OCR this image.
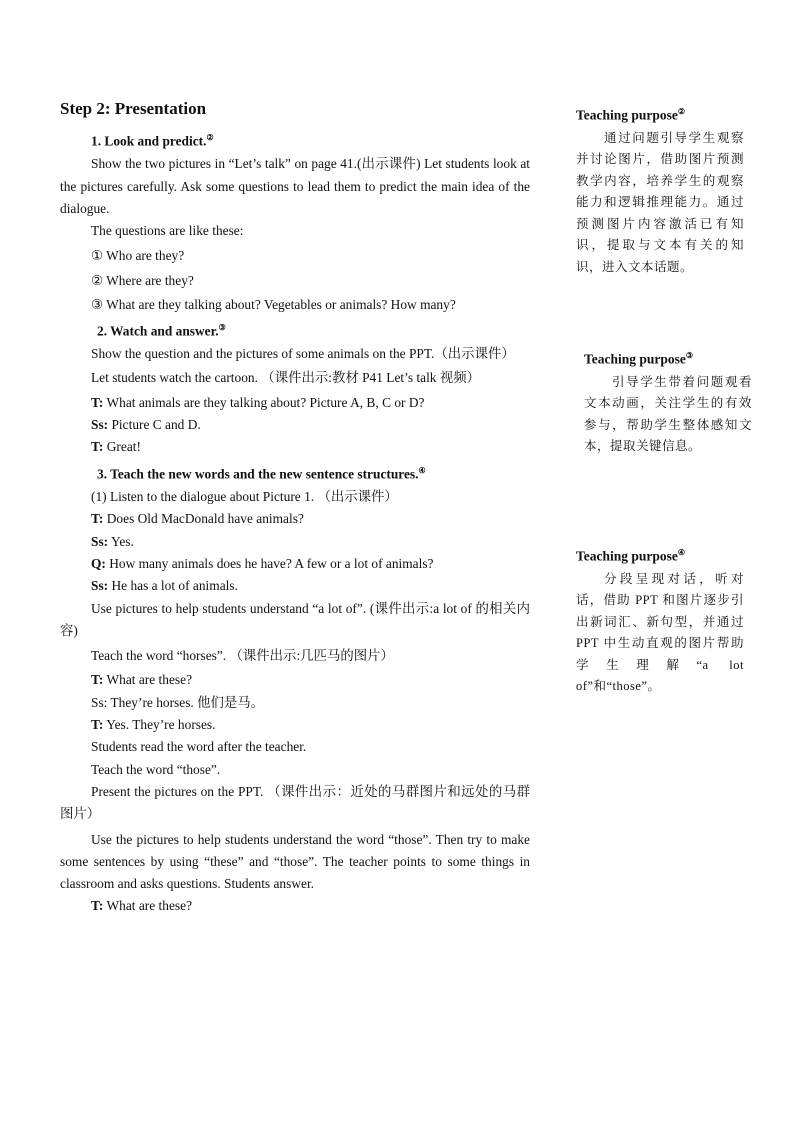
Step 2: Presentation
1. Look and predict.②

Show the two pictures in “Let’s talk” on page 41.(出示课件) Let students look at the pictures carefully. Ask some questions to lead them to predict the main idea of the dialogue.

The questions are like these:

① Who are they?

② Where are they?

③ What are they talking about? Vegetables or animals? How many?

2. Watch and answer.③

Show the question and the pictures of some animals on the PPT.（出示课件）

Let students watch the cartoon. （课件出示:教材 P41 Let’s talk 视频）

T: What animals are they talking about? Picture A, B, C or D?

Ss: Picture C and D.

T: Great!

3. Teach the new words and the new sentence structures.④

(1) Listen to the dialogue about Picture 1. （出示课件）

T: Does Old MacDonald have animals?

Ss: Yes.

Q: How many animals does he have? A few or a lot of animals?

Ss: He has a lot of animals.

Use pictures to help students understand “a lot of”. (课件出示:a lot of 的相关内容)

Teach the word “horses”. （课件出示:几匹马的图片）

T: What are these?

Ss: They’re horses. 他们是马。

T: Yes. They’re horses.

Students read the word after the teacher.

Teach the word “those”.

Present the pictures on the PPT. （课件出示：近处的马群图片和远处的马群图片）

Use the pictures to help students understand the word “those”. Then try to make some sentences by using “these” and “those”. The teacher points to some things in classroom and asks questions. Students answer.

T: What are these?

Teaching purpose②
通过问题引导学生观察并讨论图片，借助图片预测教学内容，培养学生的观察能力和逻辑推理能力。通过预测图片内容激活已有知识，提取与文本有关的知识，进入文本话题。
Teaching purpose③
引导学生带着问题观看文本动画，关注学生的有效参与，帮助学生整体感知文本，提取关键信息。
Teaching purpose④
分段呈现对话，听对话，借助 PPT 和图片逐步引出新词汇、新句型，并通过PPT 中生动直观的图片帮助学生理解“a lot of”和“those”。
